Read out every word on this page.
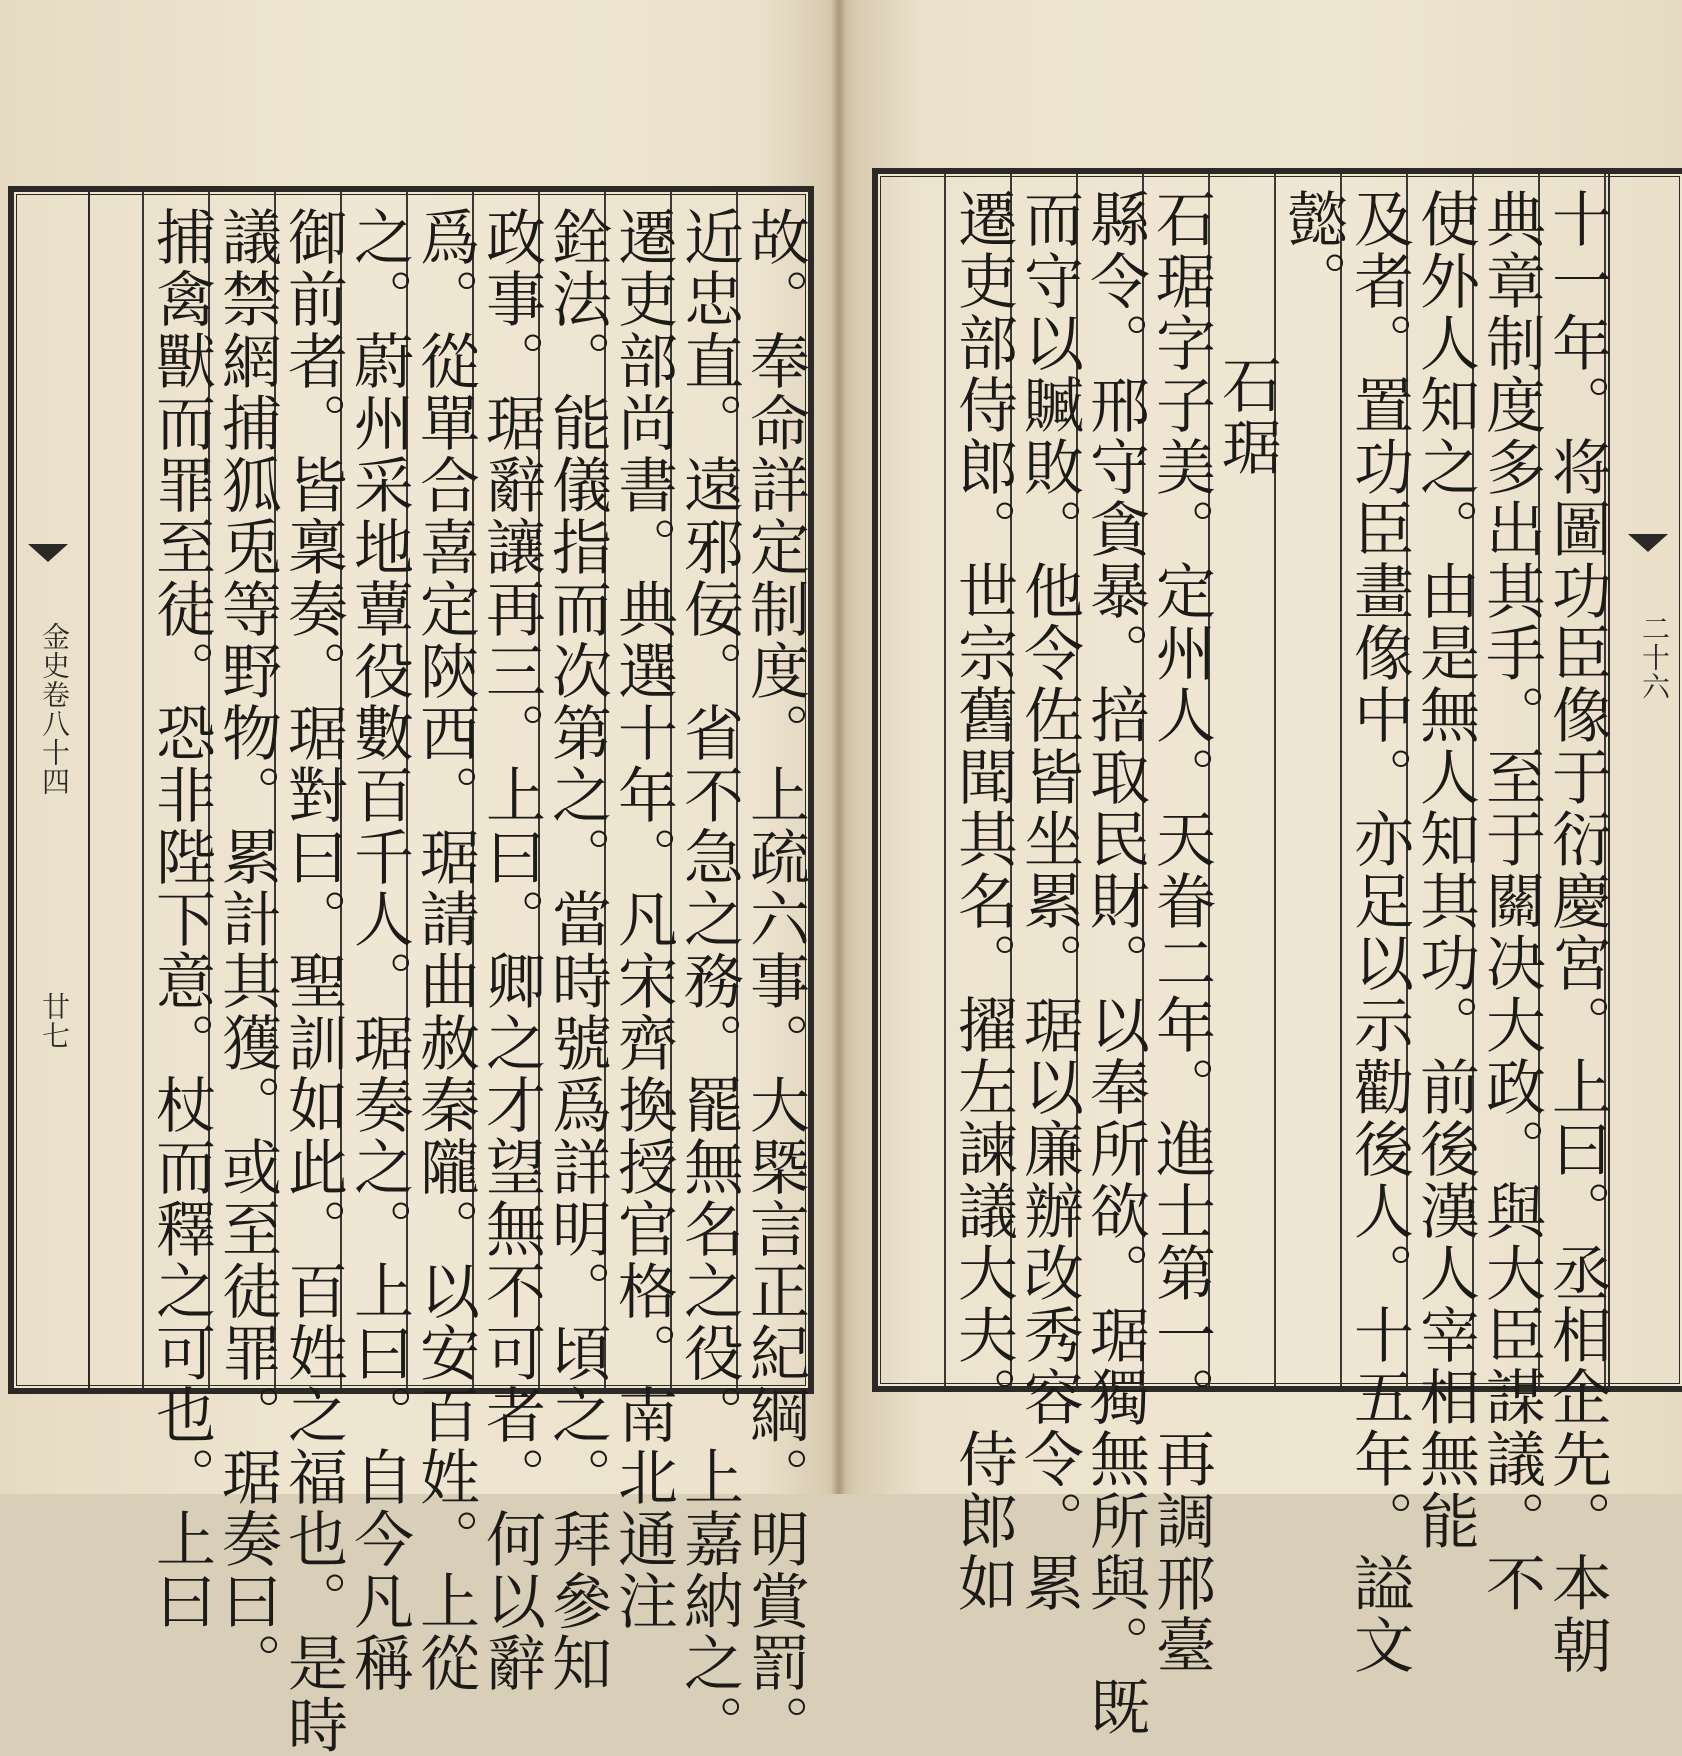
金史卷八十四
廿七	故。奉命詳定制度。上疏六事。大槩言正紀綱。明賞罰。
近忠直。遠邪佞。省不急之務。罷無名之役。上嘉納之。
遷吏部尚書。典選十年。凡宋齊換授官格。南北通注
銓法。能儀指而次第之。當時號爲詳明。頃之。拜參知
政事。琚辭讓再三。上曰。卿之才望無不可者。何以辭
爲。從單合喜定陝西。琚請曲赦秦隴。以安百姓。上從
之。蔚州采地蕈役數百千人。琚奏之。上曰。自今凡稱
御前者。皆稟奏。琚對曰。聖訓如此。百姓之福也。是時
議禁網捕狐兎等野物。累計其獲。或至徒罪。琚奏曰。
捕禽獸而罪至徒。恐非陛下意。杖而釋之可也。上曰	二十六
十一年。将圖功臣像于衍慶宮。上曰。丞相企先。本朝
典章制度多出其手。至于關决大政。與大臣謀議。不
使外人知之。由是無人知其功。前後漢人宰相無能
及者。置功臣畫像中。亦足以示勸後人。十五年。謚文
懿。
石琚
石琚字子美。定州人。天眷二年。進士第一。再調邢臺
縣令。邢守貪暴。掊取民財。以奉所欲。琚獨無所與。既
而守以贓敗。他令佐皆坐累。琚以廉辦改秀容令。累
遷吏部侍郎。世宗舊聞其名。擢左諫議大夫。侍郎如
